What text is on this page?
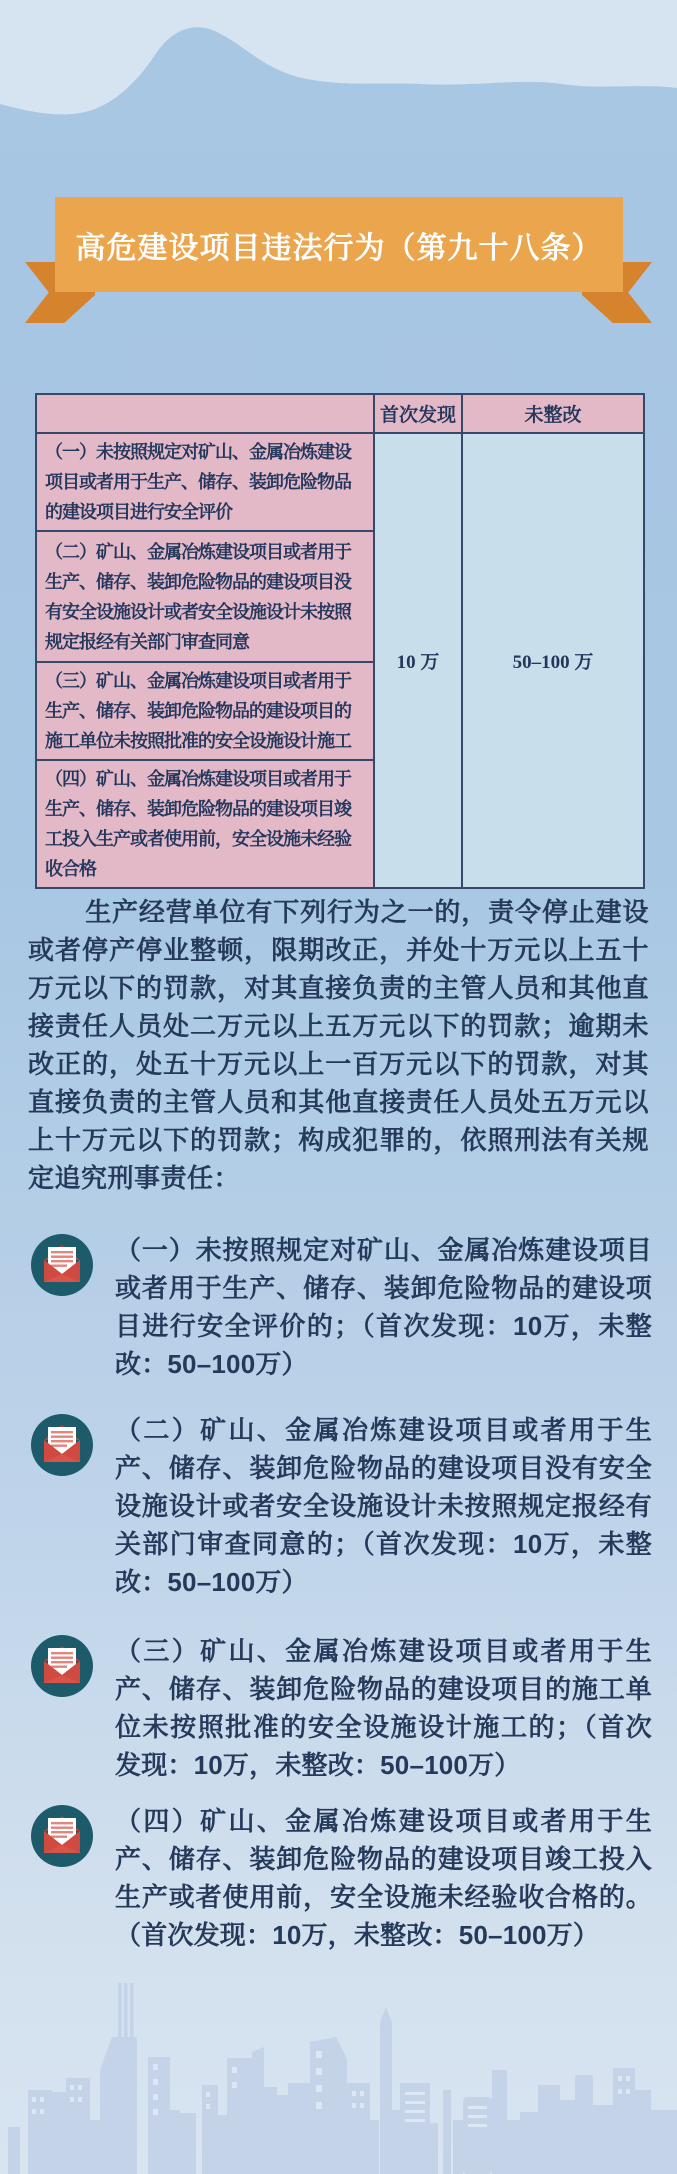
高危建设项目违法行为（第九十八条）
	首次发现	未整改
（一）未按照规定对矿山、金属冶炼建设项目或者用于生产、储存、装卸危险物品的建设项目进行安全评价	10 万	50–100 万
（二）矿山、金属冶炼建设项目或者用于生产、储存、装卸危险物品的建设项目没有安全设施设计或者安全设施设计未按照规定报经有关部门审查同意		
（三）矿山、金属冶炼建设项目或者用于生产、储存、装卸危险物品的建设项目的施工单位未按照批准的安全设施设计施工		
（四）矿山、金属冶炼建设项目或者用于生产、储存、装卸危险物品的建设项目竣工投入生产或者使用前，安全设施未经验收合格		
生产经营单位有下列行为之一的，责令停止建设或者停产停业整顿，限期改正，并处十万元以上五十万元以下的罚款，对其直接负责的主管人员和其他直接责任人员处二万元以上五万元以下的罚款；逾期未改正的，处五十万元以上一百万元以下的罚款，对其直接负责的主管人员和其他直接责任人员处五万元以上十万元以下的罚款；构成犯罪的，依照刑法有关规定追究刑事责任：
（一）未按照规定对矿山、金属冶炼建设项目或者用于生产、储存、装卸危险物品的建设项目进行安全评价的；（首次发现：10万，未整改：50–100万）
（二）矿山、金属冶炼建设项目或者用于生产、储存、装卸危险物品的建设项目没有安全设施设计或者安全设施设计未按照规定报经有关部门审查同意的；（首次发现：10万，未整改：50–100万）
（三）矿山、金属冶炼建设项目或者用于生产、储存、装卸危险物品的建设项目的施工单位未按照批准的安全设施设计施工的；（首次发现：10万，未整改：50–100万）
（四）矿山、金属冶炼建设项目或者用于生产、储存、装卸危险物品的建设项目竣工投入生产或者使用前，安全设施未经验收合格的。（首次发现：10万，未整改：50–100万）
